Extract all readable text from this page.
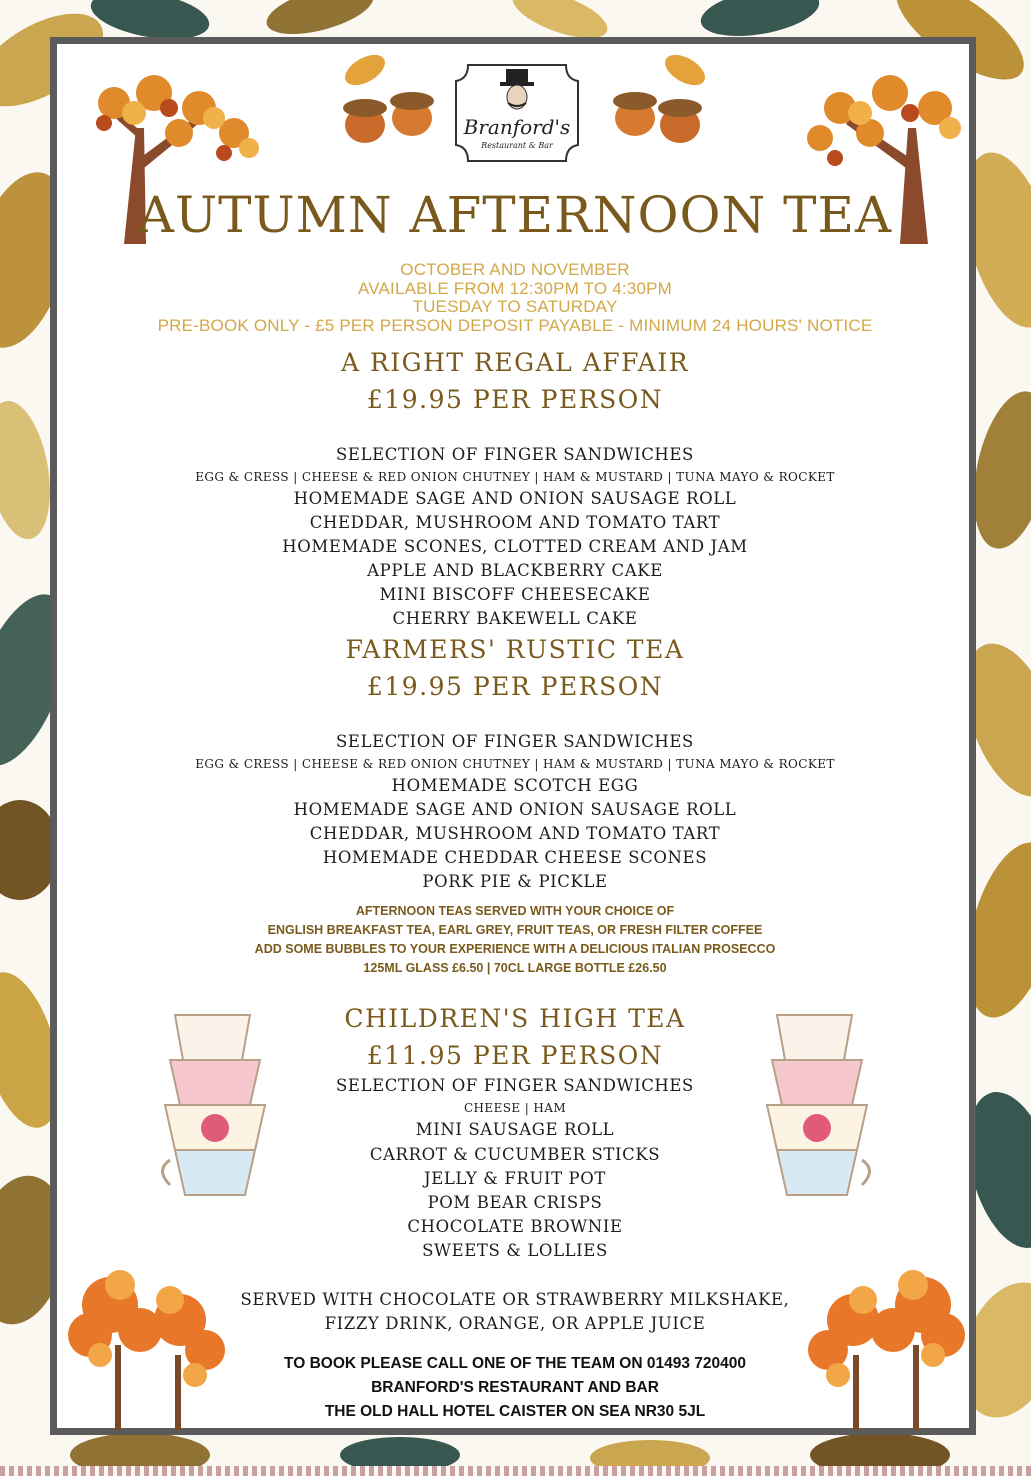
Branford's
Restaurant & Bar
AUTUMN AFTERNOON TEA
OCTOBER AND NOVEMBER
AVAILABLE FROM 12:30PM TO 4:30PM
TUESDAY TO SATURDAY
PRE-BOOK ONLY - £5 PER PERSON DEPOSIT PAYABLE - MINIMUM 24 HOURS' NOTICE
A RIGHT REGAL AFFAIR
£19.95 PER PERSON
SELECTION OF FINGER SANDWICHES
EGG & CRESS | CHEESE & RED ONION CHUTNEY | HAM & MUSTARD | TUNA MAYO & ROCKET
HOMEMADE SAGE AND ONION SAUSAGE ROLL
CHEDDAR, MUSHROOM AND TOMATO TART
HOMEMADE SCONES, CLOTTED CREAM AND JAM
APPLE AND BLACKBERRY CAKE
MINI BISCOFF CHEESECAKE
CHERRY BAKEWELL CAKE
FARMERS' RUSTIC TEA
£19.95 PER PERSON
SELECTION OF FINGER SANDWICHES
EGG & CRESS | CHEESE & RED ONION CHUTNEY | HAM & MUSTARD | TUNA MAYO & ROCKET
HOMEMADE SCOTCH EGG
HOMEMADE SAGE AND ONION SAUSAGE ROLL
CHEDDAR, MUSHROOM AND TOMATO TART
HOMEMADE CHEDDAR CHEESE SCONES
PORK PIE & PICKLE
AFTERNOON TEAS SERVED WITH YOUR CHOICE OF
ENGLISH BREAKFAST TEA, EARL GREY, FRUIT TEAS, OR FRESH FILTER COFFEE
ADD SOME BUBBLES TO YOUR EXPERIENCE WITH A DELICIOUS ITALIAN PROSECCO
125ML GLASS £6.50 | 70CL LARGE BOTTLE £26.50
CHILDREN'S HIGH TEA
£11.95 PER PERSON
SELECTION OF FINGER SANDWICHES
CHEESE | HAM
MINI SAUSAGE ROLL
CARROT & CUCUMBER STICKS
JELLY & FRUIT POT
POM BEAR CRISPS
CHOCOLATE BROWNIE
SWEETS & LOLLIES
SERVED WITH CHOCOLATE OR STRAWBERRY MILKSHAKE,
FIZZY DRINK, ORANGE, OR APPLE JUICE
TO BOOK PLEASE CALL ONE OF THE TEAM ON 01493 720400
BRANFORD'S RESTAURANT AND BAR
THE OLD HALL HOTEL CAISTER ON SEA NR30 5JL
